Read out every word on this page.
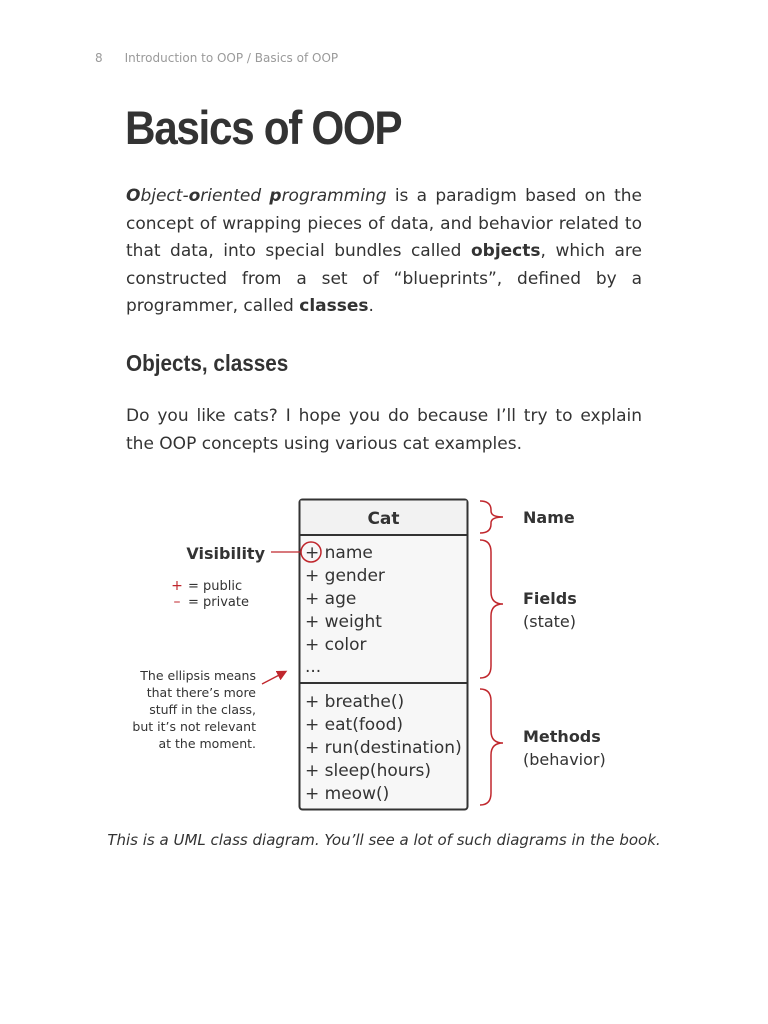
8 Introduction to OOP / Basics of OOP
Basics of OOP

Object-oriented programming is a paradigm based on the concept of wrapping pieces of data, and behavior related to that data, into special bundles called objects, which are constructed from a set of “blueprints”, defined by a programmer, called classes.

Objects, classes

Do you like cats? I hope you do because I’ll try to explain the OOP concepts using various cat examples.

Cat
+ name
+ gender
+ age
+ weight
+ color
...
+ breathe()
+ eat(food)
+ run(destination)
+ sleep(hours)
+ meow()
Visibility
+ = public
– = private
The ellipsis means
that there’s more
stuff in the class,
but it’s not relevant
at the moment.
Name
Fields
(state)
Methods
(behavior)

This is a UML class diagram. You’ll see a lot of such diagrams in the book.
